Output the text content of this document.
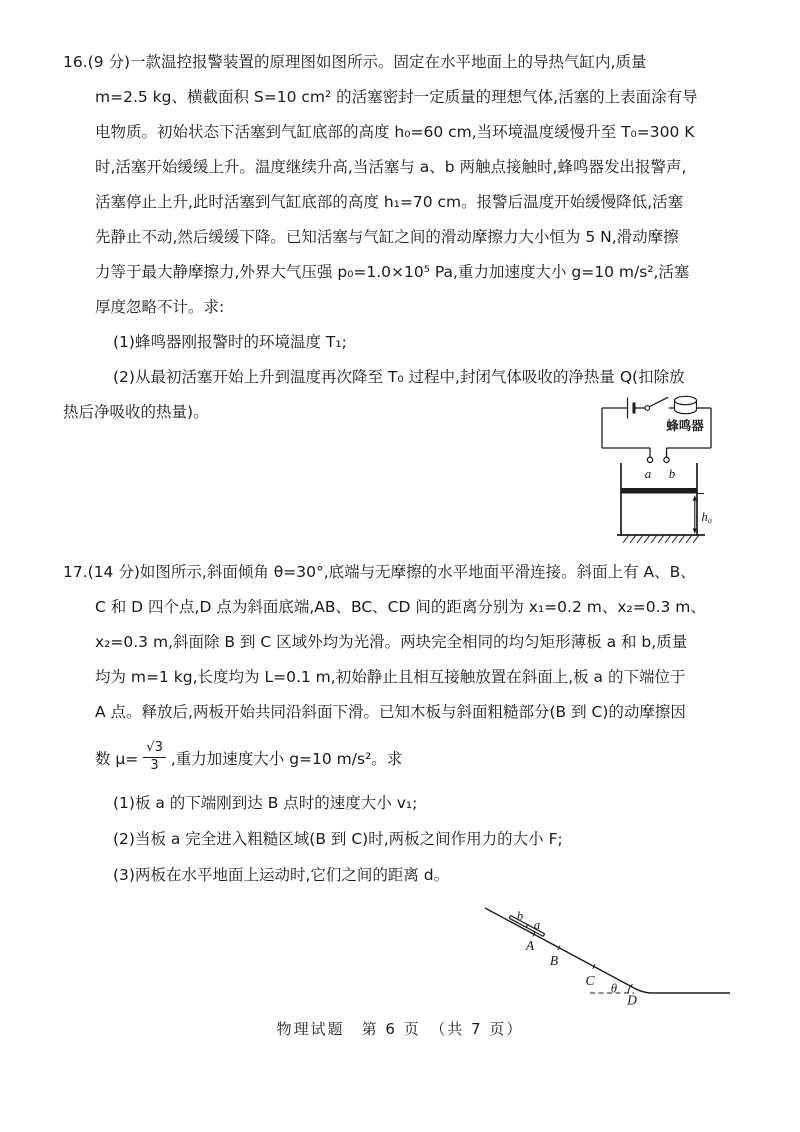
16.(9 分)一款温控报警装置的原理图如图所示。固定在水平地面上的导热气缸内,质量
m=2.5 kg、横截面积 S=10 cm² 的活塞密封一定质量的理想气体,活塞的上表面涂有导
电物质。初始状态下活塞到气缸底部的高度 h₀=60 cm,当环境温度缓慢升至 T₀=300 K
时,活塞开始缓缓上升。温度继续升高,当活塞与 a、b 两触点接触时,蜂鸣器发出报警声,
活塞停止上升,此时活塞到气缸底部的高度 h₁=70 cm。报警后温度开始缓慢降低,活塞
先静止不动,然后缓缓下降。已知活塞与气缸之间的滑动摩擦力大小恒为 5 N,滑动摩擦
力等于最大静摩擦力,外界大气压强 p₀=1.0×10⁵ Pa,重力加速度大小 g=10 m/s²,活塞
厚度忽略不计。求:
(1)蜂鸣器刚报警时的环境温度 T₁;
(2)从最初活塞开始上升到温度再次降至 T₀ 过程中,封闭气体吸收的净热量 Q(扣除放
热后净吸收的热量)。
蜂鸣器
a b
h₀
17.(14 分)如图所示,斜面倾角 θ=30°,底端与无摩擦的水平地面平滑连接。斜面上有 A、B、
C 和 D 四个点,D 点为斜面底端,AB、BC、CD 间的距离分别为 x₁=0.2 m、x₂=0.3 m、
x₂=0.3 m,斜面除 B 到 C 区域外均为光滑。两块完全相同的均匀矩形薄板 a 和 b,质量
均为 m=1 kg,长度均为 L=0.1 m,初始静止且相互接触放置在斜面上,板 a 的下端位于
A 点。释放后,两板开始共同沿斜面下滑。已知木板与斜面粗糙部分(B 到 C)的动摩擦因
数 $\mu= \frac{√3}{3}$ ,重力加速度大小 g=10 m/s²。求
(1)板 a 的下端刚到达 B 点时的速度大小 v₁;
(2)当板 a 完全进入粗糙区域(B 到 C)时,两板之间作用力的大小 F;
(3)两板在水平地面上运动时,它们之间的距离 d。
θ
b
a
A
B
C
D
物理试题　第 6 页　（共 7 页）
